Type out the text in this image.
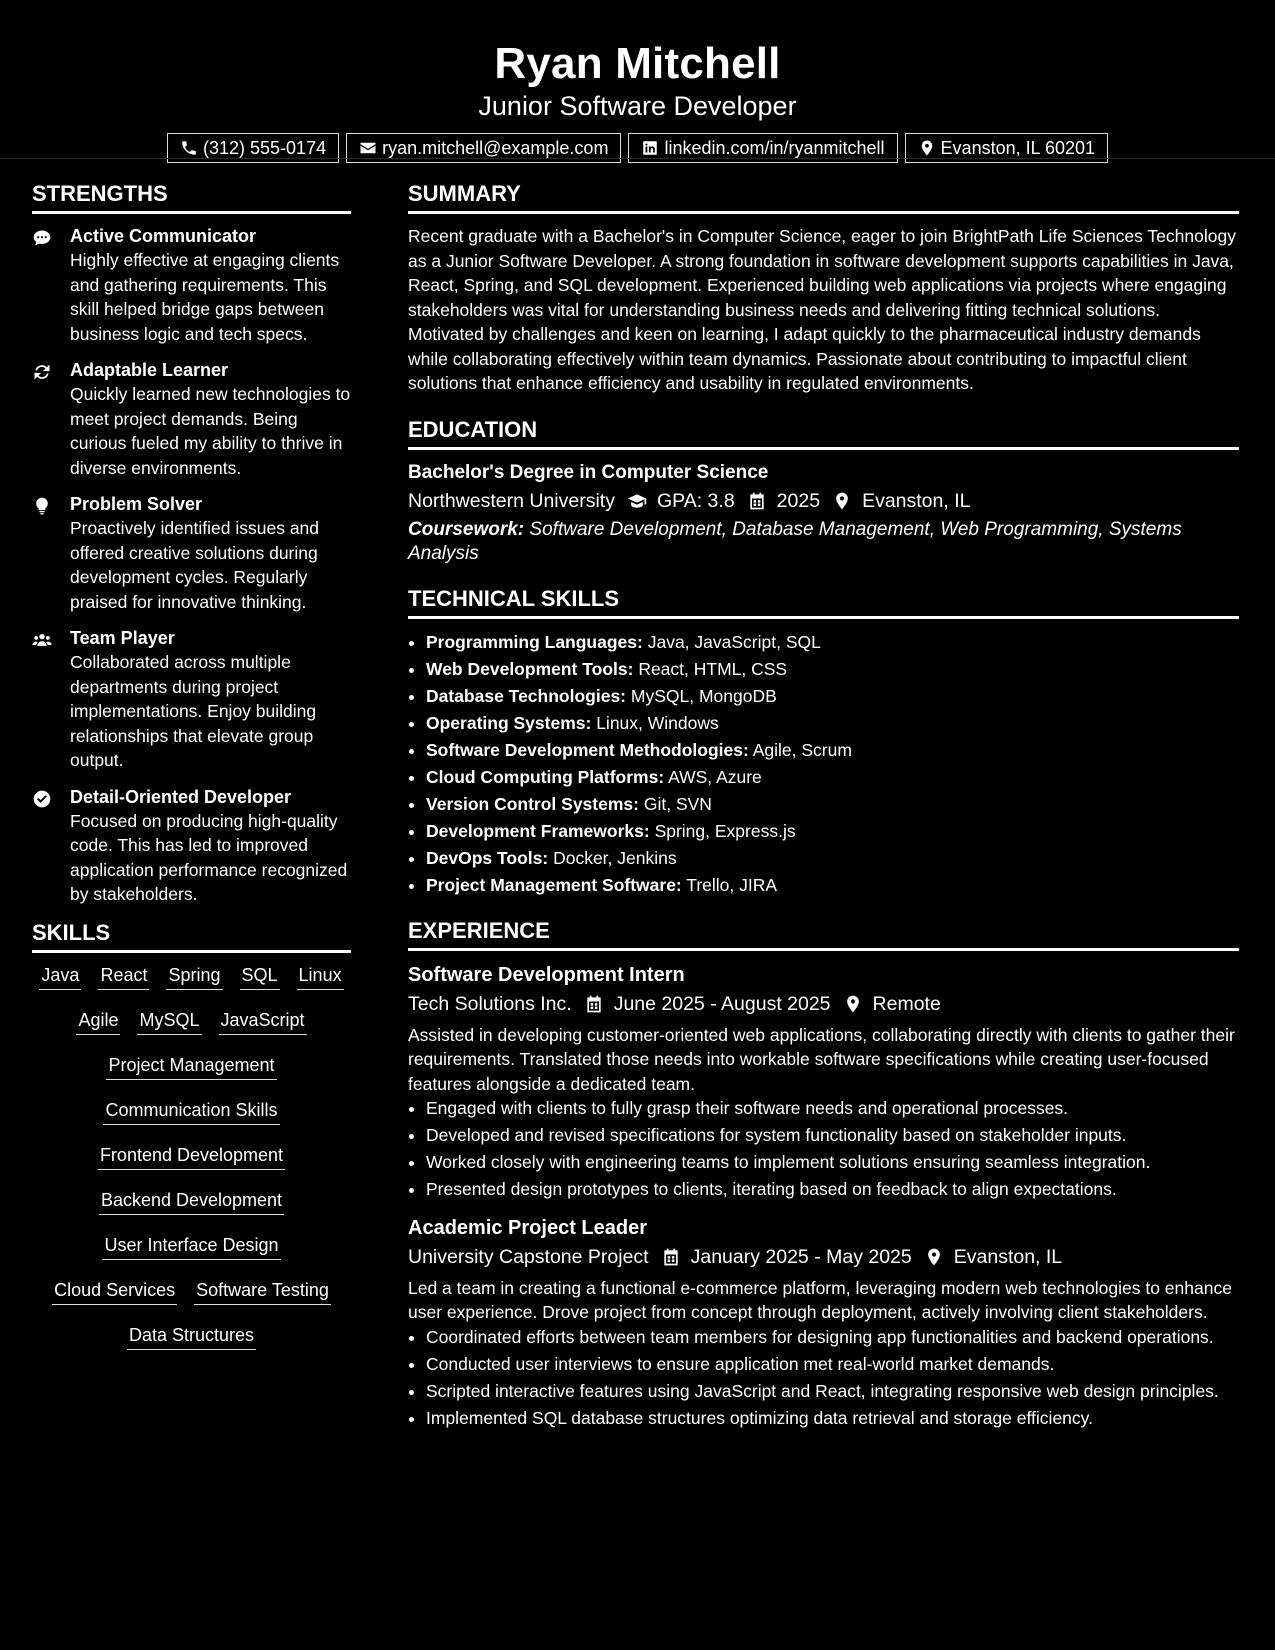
Ryan Mitchell
Junior Software Developer
(312) 555-0174	ryan.mitchell@example.com	linkedin.com/in/ryanmitchell	Evanston, IL 60201
STRENGTHS
Active Communicator
Highly effective at engaging clients and gathering requirements. This skill helped bridge gaps between business logic and tech specs.
Adaptable Learner
Quickly learned new technologies to meet project demands. Being curious fueled my ability to thrive in diverse environments.
Problem Solver
Proactively identified issues and offered creative solutions during development cycles. Regularly praised for innovative thinking.
Team Player
Collaborated across multiple departments during project implementations. Enjoy building relationships that elevate group output.
Detail-Oriented Developer
Focused on producing high-quality code. This has led to improved application performance recognized by stakeholders.
SKILLS
Java React Spring SQL Linux
Agile MySQL JavaScript
Project Management
Communication Skills
Frontend Development
Backend Development
User Interface Design
Cloud Services Software Testing
Data Structures
SUMMARY
Recent graduate with a Bachelor's in Computer Science, eager to join BrightPath Life Sciences Technology as a Junior Software Developer. A strong foundation in software development supports capabilities in Java, React, Spring, and SQL development. Experienced building web applications via projects where engaging stakeholders was vital for understanding business needs and delivering fitting technical solutions. Motivated by challenges and keen on learning, I adapt quickly to the pharmaceutical industry demands while collaborating effectively within team dynamics. Passionate about contributing to impactful client solutions that enhance efficiency and usability in regulated environments.
EDUCATION
Bachelor's Degree in Computer Science
Northwestern University GPA: 3.8 2025 Evanston, IL
Coursework: Software Development, Database Management, Web Programming, Systems Analysis
TECHNICAL SKILLS
• Programming Languages: Java, JavaScript, SQL
• Web Development Tools: React, HTML, CSS
• Database Technologies: MySQL, MongoDB
• Operating Systems: Linux, Windows
• Software Development Methodologies: Agile, Scrum
• Cloud Computing Platforms: AWS, Azure
• Version Control Systems: Git, SVN
• Development Frameworks: Spring, Express.js
• DevOps Tools: Docker, Jenkins
• Project Management Software: Trello, JIRA
EXPERIENCE
Software Development Intern
Tech Solutions Inc. June 2025 - August 2025 Remote
Assisted in developing customer-oriented web applications, collaborating directly with clients to gather their requirements. Translated those needs into workable software specifications while creating user-focused features alongside a dedicated team.
• Engaged with clients to fully grasp their software needs and operational processes.
• Developed and revised specifications for system functionality based on stakeholder inputs.
• Worked closely with engineering teams to implement solutions ensuring seamless integration.
• Presented design prototypes to clients, iterating based on feedback to align expectations.
Academic Project Leader
University Capstone Project January 2025 - May 2025 Evanston, IL
Led a team in creating a functional e-commerce platform, leveraging modern web technologies to enhance user experience. Drove project from concept through deployment, actively involving client stakeholders.
• Coordinated efforts between team members for designing app functionalities and backend operations.
• Conducted user interviews to ensure application met real-world market demands.
• Scripted interactive features using JavaScript and React, integrating responsive web design principles.
• Implemented SQL database structures optimizing data retrieval and storage efficiency.
